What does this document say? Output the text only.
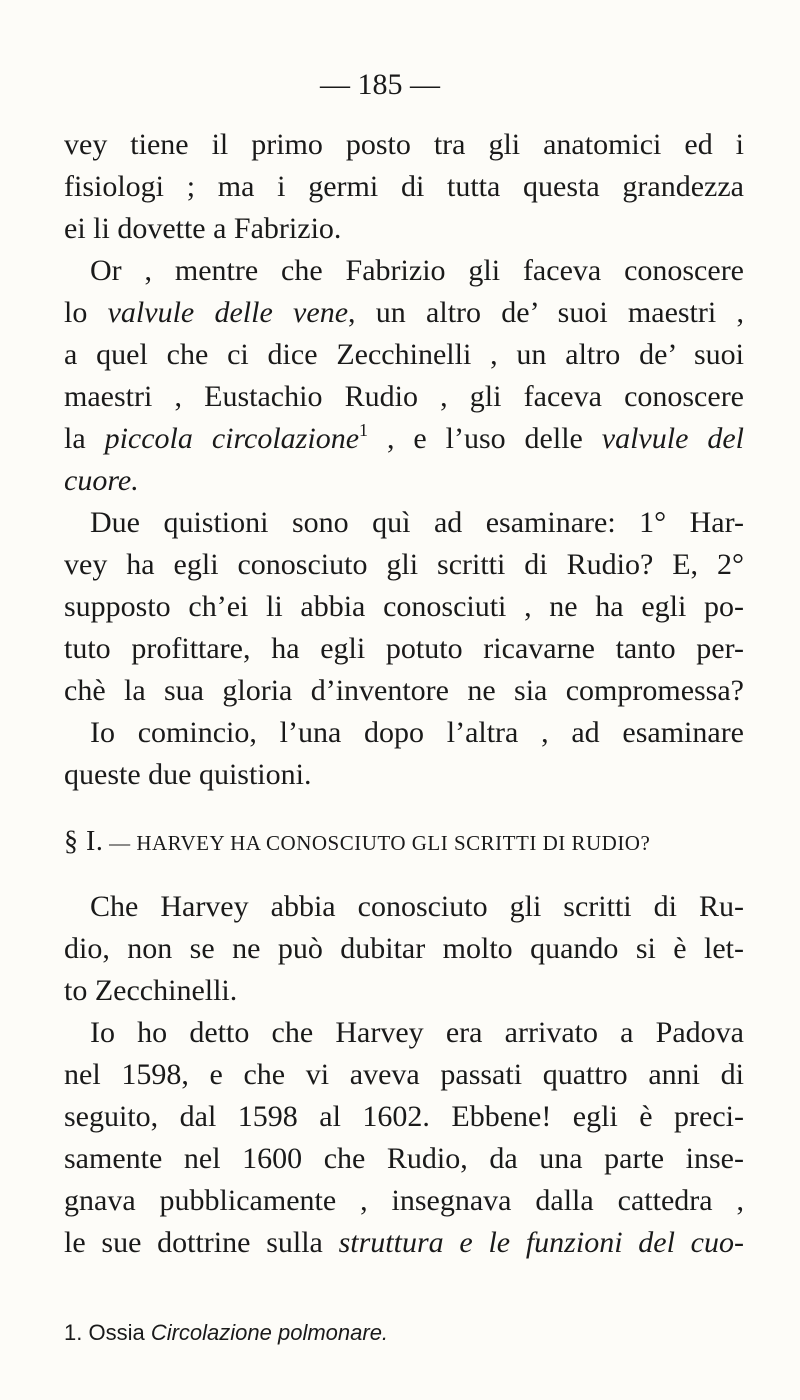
— 185 —
vey tiene il primo posto tra gli anatomici ed i
fisiologi ; ma i germi di tutta questa grandezza
ei li dovette a Fabrizio.
Or , mentre che Fabrizio gli faceva conoscere
lo valvule delle vene, un altro de’ suoi maestri ,
a quel che ci dice Zecchinelli , un altro de’ suoi
maestri , Eustachio Rudio , gli faceva conoscere
la piccola circolazione$^1$ , e l’uso delle valvule del
cuore.
Due quistioni sono quì ad esaminare: 1° Har-
vey ha egli conosciuto gli scritti di Rudio? E, 2°
supposto ch’ei li abbia conosciuti , ne ha egli po-
tuto profittare, ha egli potuto ricavarne tanto per-
chè la sua gloria d’inventore ne sia compromessa?
Io comincio, l’una dopo l’altra , ad esaminare
queste due quistioni.
§ I. — HARVEY HA CONOSCIUTO GLI SCRITTI DI RUDIO?
Che Harvey abbia conosciuto gli scritti di Ru-
dio, non se ne può dubitar molto quando si è let-
to Zecchinelli.
Io ho detto che Harvey era arrivato a Padova
nel 1598, e che vi aveva passati quattro anni di
seguito, dal 1598 al 1602. Ebbene! egli è preci-
samente nel 1600 che Rudio, da una parte inse-
gnava pubblicamente , insegnava dalla cattedra ,
le sue dottrine sulla struttura e le funzioni del cuo-
1. Ossia Circolazione polmonare.
